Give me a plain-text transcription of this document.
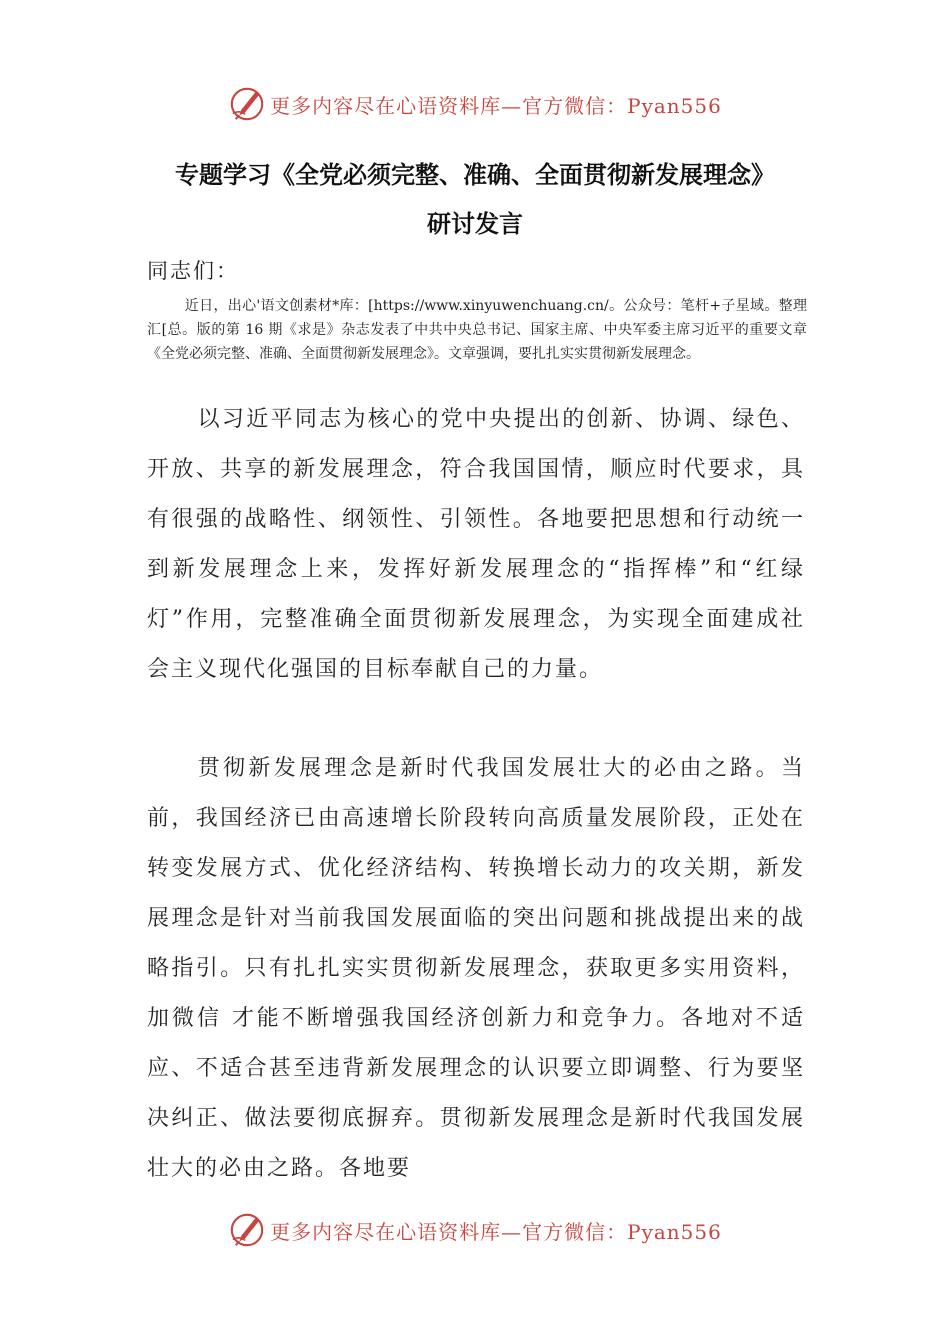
更多内容尽在心语资料库—官方微信：Pyan556
专题学习《全党必须完整、准确、全面贯彻新发展理念》
研讨发言

同志们：

近日，出心'语文创素材*库：[https://www.xinyuwenchuang.cn/。公众号：笔杆+子星域。整理汇[总。版的第 16 期《求是》杂志发表了中共中央总书记、国家主席、中央军委主席习近平的重要文章《全党必须完整、准确、全面贯彻新发展理念》。文章强调，要扎扎实实贯彻新发展理念。

以习近平同志为核心的党中央提出的创新、协调、绿色、开放、共享的新发展理念，符合我国国情，顺应时代要求，具有很强的战略性、纲领性、引领性。各地要把思想和行动统一到新发展理念上来，发挥好新发展理念的“指挥棒”和“红绿灯”作用，完整准确全面贯彻新发展理念，为实现全面建成社会主义现代化强国的目标奉献自己的力量。

贯彻新发展理念是新时代我国发展壮大的必由之路。当前，我国经济已由高速增长阶段转向高质量发展阶段，正处在转变发展方式、优化经济结构、转换增长动力的攻关期，新发展理念是针对当前我国发展面临的突出问题和挑战提出来的战略指引。只有扎扎实实贯彻新发展理念，获取更多实用资料，加微信 才能不断增强我国经济创新力和竞争力。各地对不适应、不适合甚至违背新发展理念的认识要立即调整、行为要坚决纠正、做法要彻底摒弃。贯彻新发展理念是新时代我国发展壮大的必由之路。各地要

更多内容尽在心语资料库—官方微信：Pyan556
